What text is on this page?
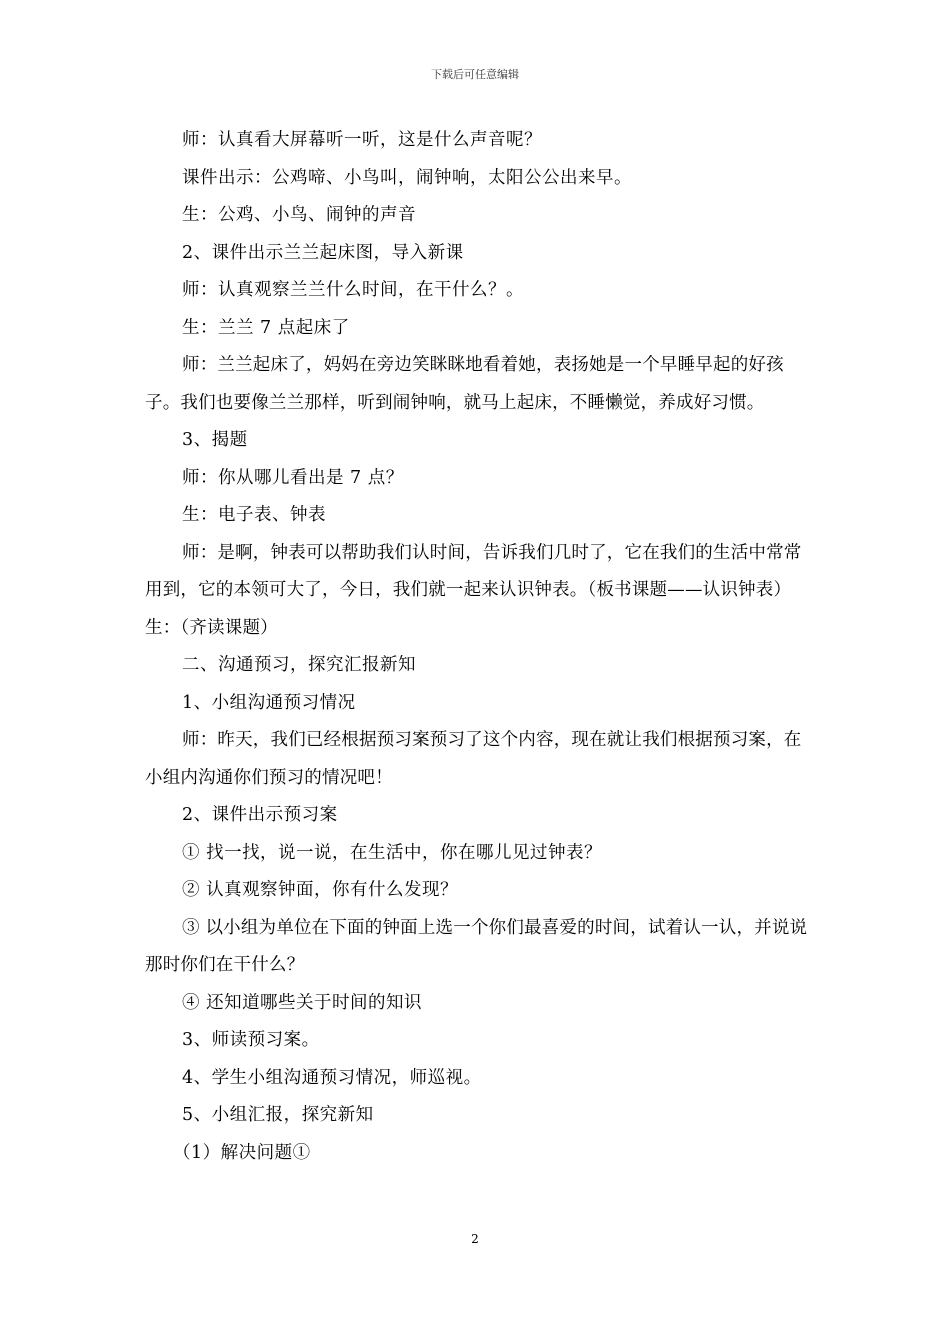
下载后可任意编辑

师：认真看大屏幕听一听，这是什么声音呢？

课件出示：公鸡啼、小鸟叫，闹钟响，太阳公公出来早。

生：公鸡、小鸟、闹钟的声音

2、课件出示兰兰起床图，导入新课

师：认真观察兰兰什么时间，在干什么？。

生：兰兰 7 点起床了

师：兰兰起床了，妈妈在旁边笑眯眯地看着她，表扬她是一个早睡早起的好孩子。我们也要像兰兰那样，听到闹钟响，就马上起床，不睡懒觉，养成好习惯。

3、揭题

师：你从哪儿看出是 7 点？

生：电子表、钟表

师：是啊，钟表可以帮助我们认时间，告诉我们几时了，它在我们的生活中常常用到，它的本领可大了，今日，我们就一起来认识钟表。（板书课题——认识钟表）生：（齐读课题）

二、沟通预习，探究汇报新知

1、小组沟通预习情况

师：昨天，我们已经根据预习案预习了这个内容，现在就让我们根据预习案，在小组内沟通你们预习的情况吧！

2、课件出示预习案

① 找一找，说一说，在生活中，你在哪儿见过钟表？

② 认真观察钟面，你有什么发现？

③ 以小组为单位在下面的钟面上选一个你们最喜爱的时间，试着认一认，并说说那时你们在干什么？

④ 还知道哪些关于时间的知识

3、师读预习案。

4、学生小组沟通预习情况，师巡视。

5、小组汇报，探究新知

（1）解决问题①

2
